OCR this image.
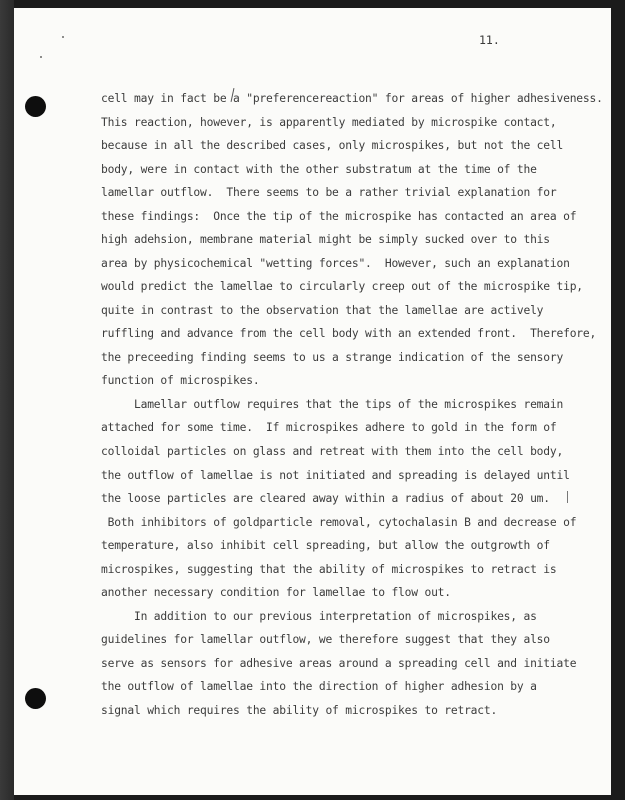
11.
cell may in fact be a "preferencereaction" for areas of higher adhesiveness.
This reaction, however, is apparently mediated by microspike contact,
because in all the described cases, only microspikes, but not the cell
body, were in contact with the other substratum at the time of the
lamellar outflow.  There seems to be a rather trivial explanation for
these findings:  Once the tip of the microspike has contacted an area of
high adehsion, membrane material might be simply sucked over to this
area by physicochemical "wetting forces".  However, such an explanation
would predict the lamellae to circularly creep out of the microspike tip,
quite in contrast to the observation that the lamellae are actively
ruffling and advance from the cell body with an extended front.  Therefore,
the preceeding finding seems to us a strange indication of the sensory
function of microspikes.
Lamellar outflow requires that the tips of the microspikes remain
attached for some time.  If microspikes adhere to gold in the form of
colloidal particles on glass and retreat with them into the cell body,
the outflow of lamellae is not initiated and spreading is delayed until
the loose particles are cleared away within a radius of about 20 um.
Both inhibitors of goldparticle removal, cytochalasin B and decrease of
temperature, also inhibit cell spreading, but allow the outgrowth of
microspikes, suggesting that the ability of microspikes to retract is
another necessary condition for lamellae to flow out.
In addition to our previous interpretation of microspikes, as
guidelines for lamellar outflow, we therefore suggest that they also
serve as sensors for adhesive areas around a spreading cell and initiate
the outflow of lamellae into the direction of higher adhesion by a
signal which requires the ability of microspikes to retract.
